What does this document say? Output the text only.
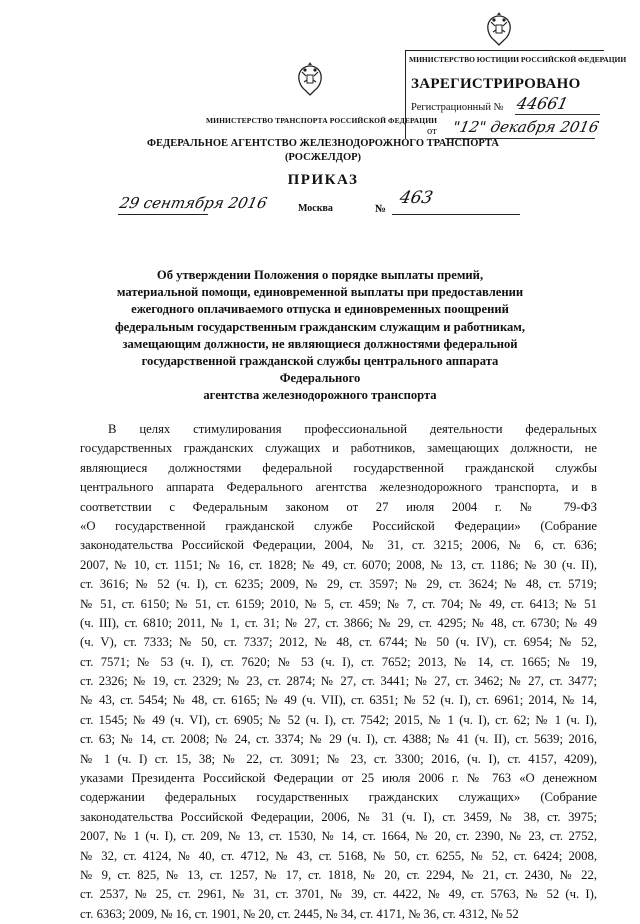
МИНИСТЕРСТВО ТРАНСПОРТА РОССИЙСКОЙ ФЕДЕРАЦИИ
ФЕДЕРАЛЬНОЕ АГЕНТСТВО ЖЕЛЕЗНОДОРОЖНОГО ТРАНСПОРТА
(РОСЖЕЛДОР)
ПРИКАЗ
29 сентября 2016	Москва	№
463
МИНИСТЕРСТВО ЮСТИЦИИ РОССИЙСКОЙ ФЕДЕРАЦИИ
ЗАРЕГИСТРИРОВАНО
Регистрационный № 44661
от "12" декабря 2016
Об утверждении Положения о порядке выплаты премий,
материальной помощи, единовременной выплаты при предоставлении
ежегодного оплачиваемого отпуска и единовременных поощрений
федеральным государственным гражданским служащим и работникам,
замещающим должности, не являющиеся должностями федеральной
государственной гражданской службы центрального аппарата Федерального
агентства железнодорожного транспорта
В целях стимулирования профессиональной деятельности федеральных
государственных гражданских служащих и работников, замещающих должности, не
являющиеся должностями федеральной государственной гражданской службы
центрального аппарата Федерального агентства железнодорожного транспорта, и в
соответствии с Федеральным законом от 27 июля 2004 г. № 79-ФЗ
«О государственной гражданской службе Российской Федерации» (Собрание
законодательства Российской Федерации, 2004, № 31, ст. 3215; 2006, № 6, ст. 636;
2007, № 10, ст. 1151; № 16, ст. 1828; № 49, ст. 6070; 2008, № 13, ст. 1186; № 30 (ч. II),
ст. 3616; № 52 (ч. I), ст. 6235; 2009, № 29, ст. 3597; № 29, ст. 3624; № 48, ст. 5719;
№ 51, ст. 6150; № 51, ст. 6159; 2010, № 5, ст. 459; № 7, ст. 704; № 49, ст. 6413; № 51
(ч. III), ст. 6810; 2011, № 1, ст. 31; № 27, ст. 3866; № 29, ст. 4295; № 48, ст. 6730; № 49
(ч. V), ст. 7333; № 50, ст. 7337; 2012, № 48, ст. 6744; № 50 (ч. IV), ст. 6954; № 52,
ст. 7571; № 53 (ч. I), ст. 7620; № 53 (ч. I), ст. 7652; 2013, № 14, ст. 1665; № 19,
ст. 2326; № 19, ст. 2329; № 23, ст. 2874; № 27, ст. 3441; № 27, ст. 3462; № 27, ст. 3477;
№ 43, ст. 5454; № 48, ст. 6165; № 49 (ч. VII), ст. 6351; № 52 (ч. I), ст. 6961; 2014, № 14,
ст. 1545; № 49 (ч. VI), ст. 6905; № 52 (ч. I), ст. 7542; 2015, № 1 (ч. I), ст. 62; № 1 (ч. I),
ст. 63; № 14, ст. 2008; № 24, ст. 3374; № 29 (ч. I), ст. 4388; № 41 (ч. II), ст. 5639; 2016,
№ 1 (ч. I) ст. 15, 38; № 22, ст. 3091; № 23, ст. 3300; 2016, (ч. I), ст. 4157, 4209),
указами Президента Российской Федерации от 25 июля 2006 г. № 763 «О денежном
содержании федеральных государственных гражданских служащих» (Собрание
законодательства Российской Федерации, 2006, № 31 (ч. I), ст. 3459, № 38, ст. 3975;
2007, № 1 (ч. I), ст. 209, № 13, ст. 1530, № 14, ст. 1664, № 20, ст. 2390, № 23, ст. 2752,
№ 32, ст. 4124, № 40, ст. 4712, № 43, ст. 5168, № 50, ст. 6255, № 52, ст. 6424; 2008,
№ 9, ст. 825, № 13, ст. 1257, № 17, ст. 1818, № 20, ст. 2294, № 21, ст. 2430, № 22,
ст. 2537, № 25, ст. 2961, № 31, ст. 3701, № 39, ст. 4422, № 49, ст. 5763, № 52 (ч. I),
ст. 6363; 2009, № 16, ст. 1901, № 20, ст. 2445, № 34, ст. 4171, № 36, ст. 4312, № 52
